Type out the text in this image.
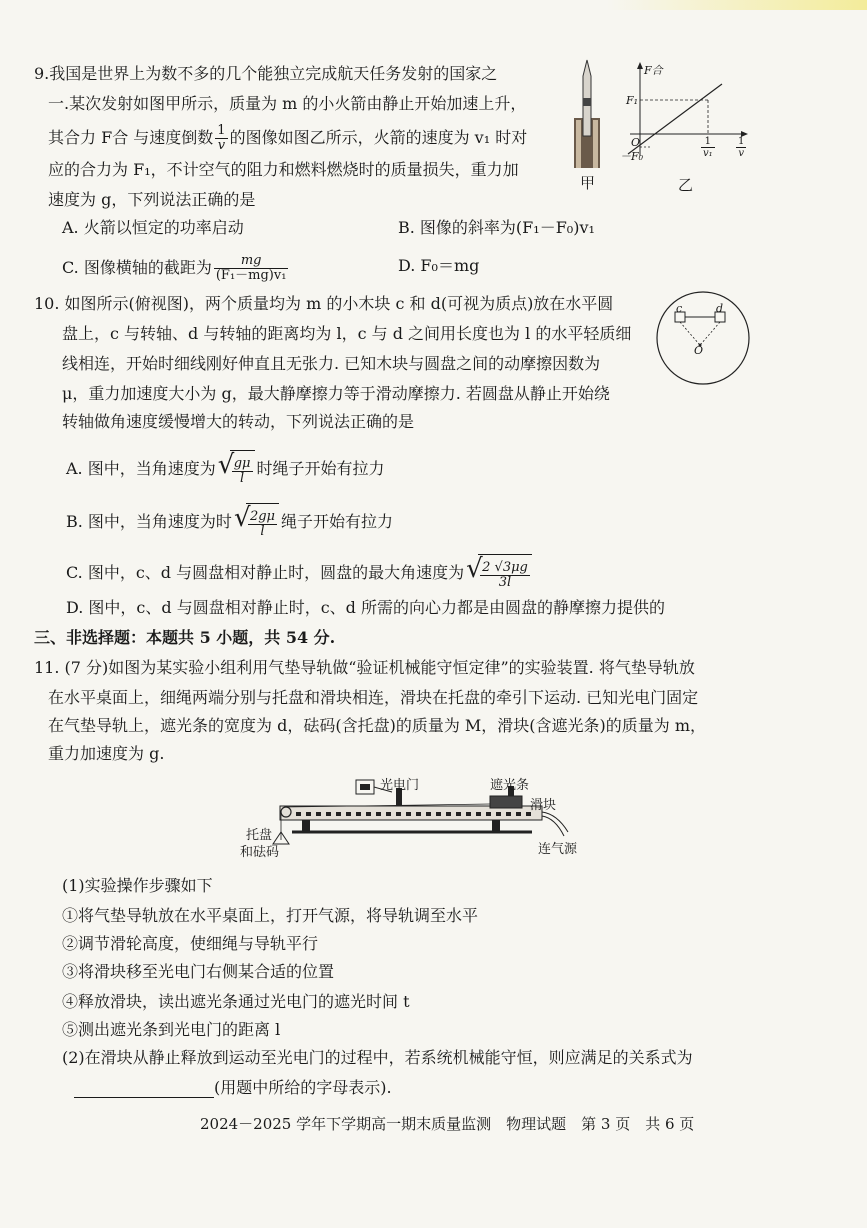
9.我国是世界上为数不多的几个能独立完成航天任务发射的国家之
一.某次发射如图甲所示，质量为 m 的小火箭由静止开始加速上升，
其合力 F合 与速度倒数 $\frac{1}{v}$ 的图像如图乙所示，火箭的速度为 v₁ 时对
应的合力为 F₁，不计空气的阻力和燃料燃烧时的质量损失，重力加
速度为 g，下列说法正确的是
A. 火箭以恒定的功率启动	B. 图像的斜率为(F₁－F₀)v₁
C. 图像横轴的截距为 $\frac{mg}{\text{(F₁－mg)v₁}}$	D. F₀＝mg
甲
F合
F₁
O
－F₀	$\frac{1}{\text{v₁}} \frac{1}{v}$
乙
10. 如图所示(俯视图)，两个质量均为 m 的小木块 c 和 d(可视为质点)放在水平圆
盘上，c 与转轴、d 与转轴的距离均为 l，c 与 d 之间用长度也为 l 的水平轻质细
线相连，开始时细线刚好伸直且无张力. 已知木块与圆盘之间的动摩擦因数为
μ，重力加速度大小为 g，最大静摩擦力等于滑动摩擦力. 若圆盘从静止开始绕
转轴做角速度缓慢增大的转动，下列说法正确的是
c	d
O
A. 图中，当角速度为 √ $\frac{g\mu}{l}$ 时绳子开始有拉力
B. 图中，当角速度为时 √ $\frac{2g\mu}{l}$ 绳子开始有拉力
C. 图中，c、d 与圆盘相对静止时，圆盘的最大角速度为 √ $\frac{2 √3\mu g}{3l}$
D. 图中，c、d 与圆盘相对静止时，c、d 所需的向心力都是由圆盘的静摩擦力提供的
三、非选择题：本题共 5 小题，共 54 分.
11. (7 分)如图为某实验小组利用气垫导轨做“验证机械能守恒定律”的实验装置. 将气垫导轨放
在水平桌面上，细绳两端分别与托盘和滑块相连，滑块在托盘的牵引下运动. 已知光电门固定
在气垫导轨上，遮光条的宽度为 d，砝码(含托盘)的质量为 M，滑块(含遮光条)的质量为 m，
重力加速度为 g.
光电门	遮光条
滑块
托盘
和砝码	连气源
(1)实验操作步骤如下
①将气垫导轨放在水平桌面上，打开气源，将导轨调至水平
②调节滑轮高度，使细绳与导轨平行
③将滑块移至光电门右侧某合适的位置
④释放滑块，读出遮光条通过光电门的遮光时间 t
⑤测出遮光条到光电门的距离 l
(2)在滑块从静止释放到运动至光电门的过程中，若系统机械能守恒，则应满足的关系式为
(用题中所给的字母表示).
2024－2025 学年下学期高一期末质量监测　物理试题　第 3 页　共 6 页
